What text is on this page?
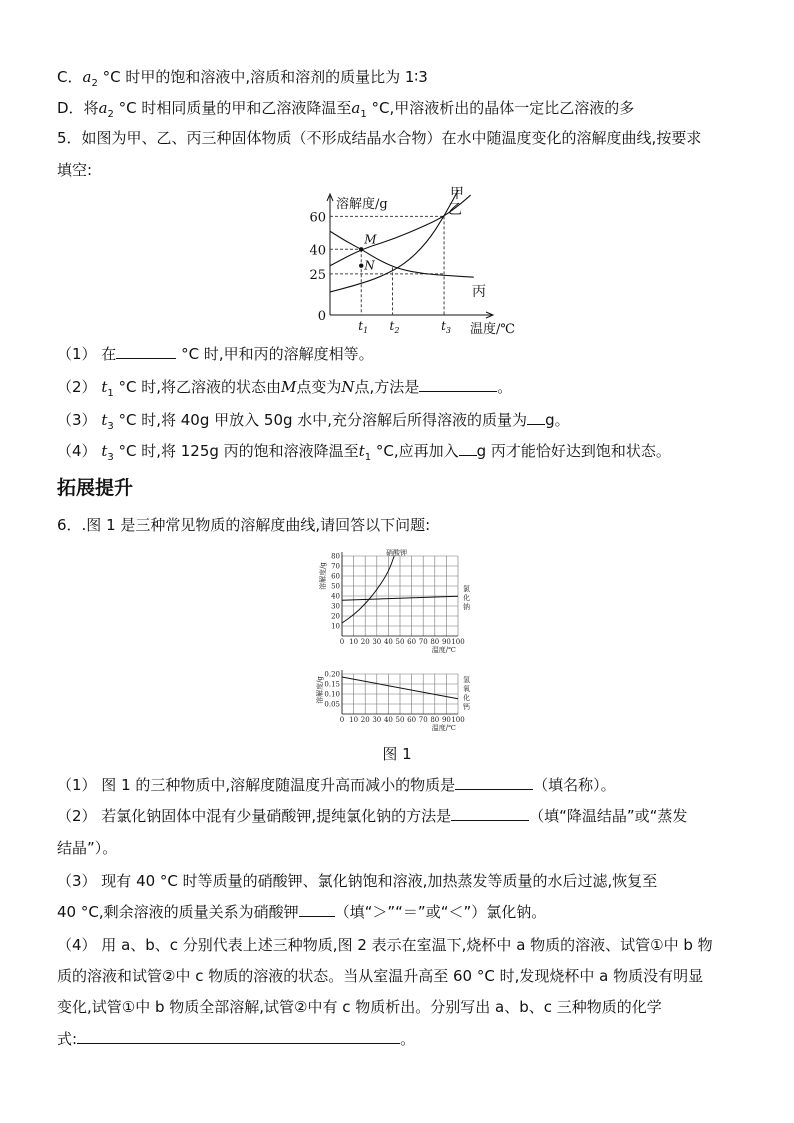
C．$a_2$ °C 时甲的饱和溶液中,溶质和溶剂的质量比为 1∶3
D．将$a_2$ °C 时相同质量的甲和乙溶液降温至$a_1$ °C,甲溶液析出的晶体一定比乙溶液的多
5．如图为甲、乙、丙三种固体物质（不形成结晶水合物）在水中随温度变化的溶解度曲线,按要求
填空:
0
25
40
60
$t_1$ $t_2$	$t_3$
甲
乙
丙
M
N
溶解度/g
温度/℃
（1） 在	°C 时,甲和丙的溶解度相等。
（2） $t_1$ °C 时,将乙溶液的状态由M点变为N点,方法是	。
（3） $t_3$ °C 时,将 40g 甲放入 50g 水中,充分溶解后所得溶液的质量为 g。
（4） $t_3$ °C 时,将 125g 丙的饱和溶液降温至$t_1$ °C,应再加入 g 丙才能恰好达到饱和状态。
拓展提升
6．.图 1 是三种常见物质的溶解度曲线,请回答以下问题:
0 10 20 30 40 50 60 70 80 90 100
10
20
30
40
50
60
70
80
温度/℃
溶解度/g
硝酸钾
氯
化
钠
0 10 20 30 40 50 60 70 80 90 100
0.05
0.10
0.15
0.20
温度/℃
溶解度/g	氢
氧
化
钙
图 1
（1） 图 1 的三种物质中,溶解度随温度升高而减小的物质是	（填名称）。
（2） 若氯化钠固体中混有少量硝酸钾,提纯氯化钠的方法是	（填“降温结晶”或“蒸发
结晶”）。
（3） 现有 40 °C 时等质量的硝酸钾、氯化钠饱和溶液,加热蒸发等质量的水后过滤,恢复至
40 °C,剩余溶液的质量关系为硝酸钾 （填“＞”“＝”或“＜”）氯化钠。
（4） 用 a、b、c 分别代表上述三种物质,图 2 表示在室温下,烧杯中 a 物质的溶液、试管①中 b 物
质的溶液和试管②中 c 物质的溶液的状态。当从室温升高至 60 °C 时,发现烧杯中 a 物质没有明显
变化,试管①中 b 物质全部溶解,试管②中有 c 物质析出。分别写出 a、b、c 三种物质的化学
式:	。
